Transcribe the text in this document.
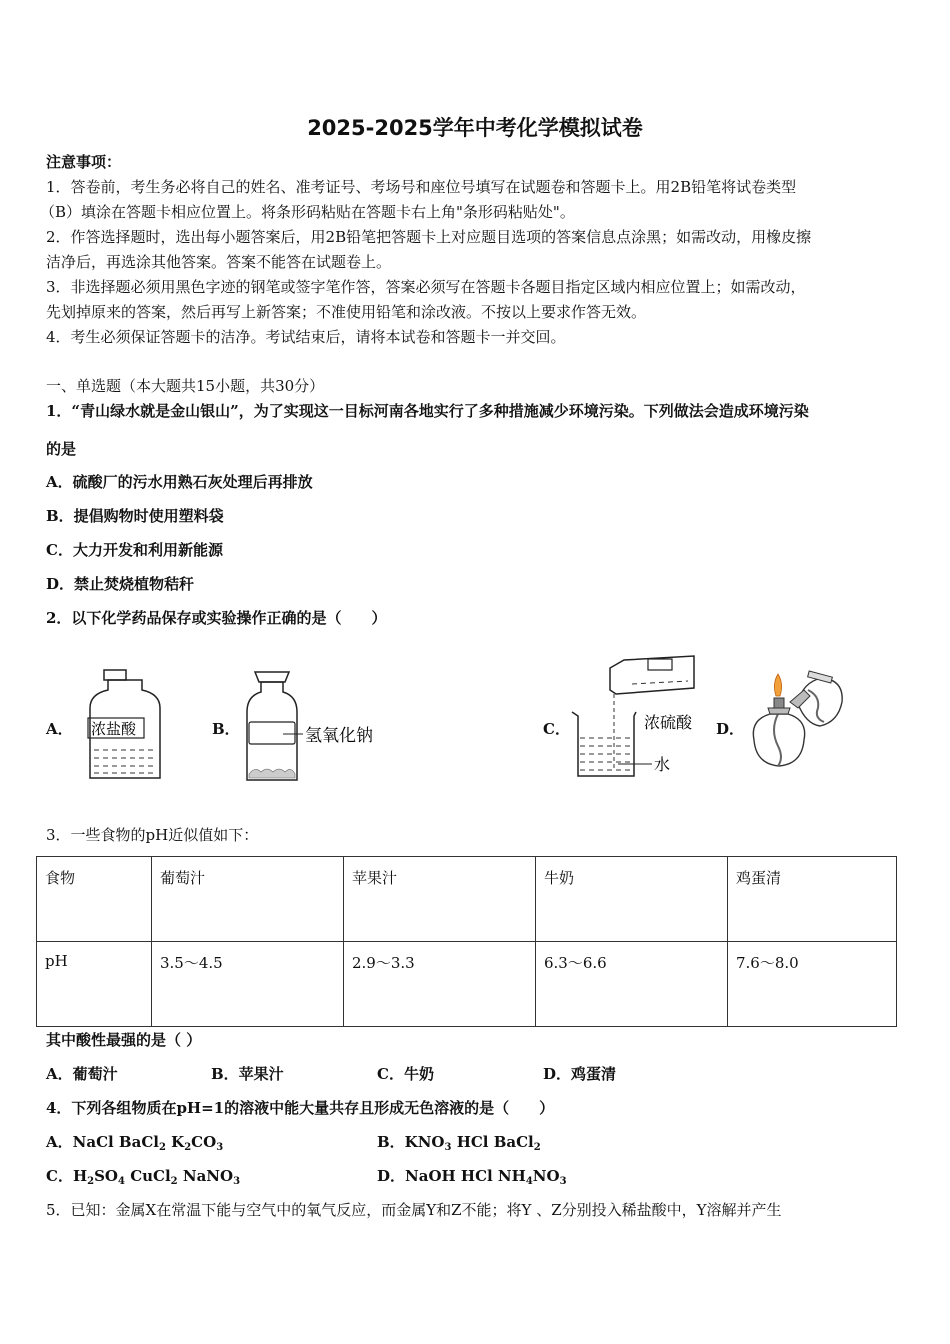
2025-2025学年中考化学模拟试卷
注意事项：
1．答卷前，考生务必将自己的姓名、准考证号、考场号和座位号填写在试题卷和答题卡上。用2B铅笔将试卷类型
（B）填涂在答题卡相应位置上。将条形码粘贴在答题卡右上角"条形码粘贴处"。
2．作答选择题时，选出每小题答案后，用2B铅笔把答题卡上对应题目选项的答案信息点涂黑；如需改动，用橡皮擦
洁净后，再选涂其他答案。答案不能答在试题卷上。
3．非选择题必须用黑色字迹的钢笔或签字笔作答，答案必须写在答题卡各题目指定区域内相应位置上；如需改动，
先划掉原来的答案，然后再写上新答案；不准使用铅笔和涂改液。不按以上要求作答无效。
4．考生必须保证答题卡的洁净。考试结束后，请将本试卷和答题卡一并交回。
一、单选题（本大题共15小题，共30分）
1．“青山绿水就是金山银山”，为了实现这一目标河南各地实行了多种措施减少环境污染。下列做法会造成环境污染
的是
A．硫酸厂的污水用熟石灰处理后再排放
B．提倡购物时使用塑料袋
C．大力开发和利用新能源
D．禁止焚烧植物秸秆
2．以下化学药品保存或实验操作正确的是（　　）
A．	B．	C．	D．
浓盐酸	氢氧化钠
浓硫酸
水
3．一些食物的pH近似值如下：
食物	葡萄汁	苹果汁	牛奶	鸡蛋清
pH	3.5～4.5	2.9～3.3	6.3～6.6	7.6～8.0
其中酸性最强的是（ ）
A．葡萄汁	B．苹果汁	C．牛奶	D．鸡蛋清
4．下列各组物质在pH=1的溶液中能大量共存且形成无色溶液的是（　　）
A．NaCl BaCl$_2$ $K_2CO_3$	B．$KNO_3$ HCl BaCl$_2$
C．$H_2SO_4$ CuCl$_2$ NaNO$_3$	D．NaOH HCl $NH_4NO_3$
5．已知：金属X在常温下能与空气中的氧气反应，而金属Y和Z不能；将Y 、Z分别投入稀盐酸中，Y溶解并产生
